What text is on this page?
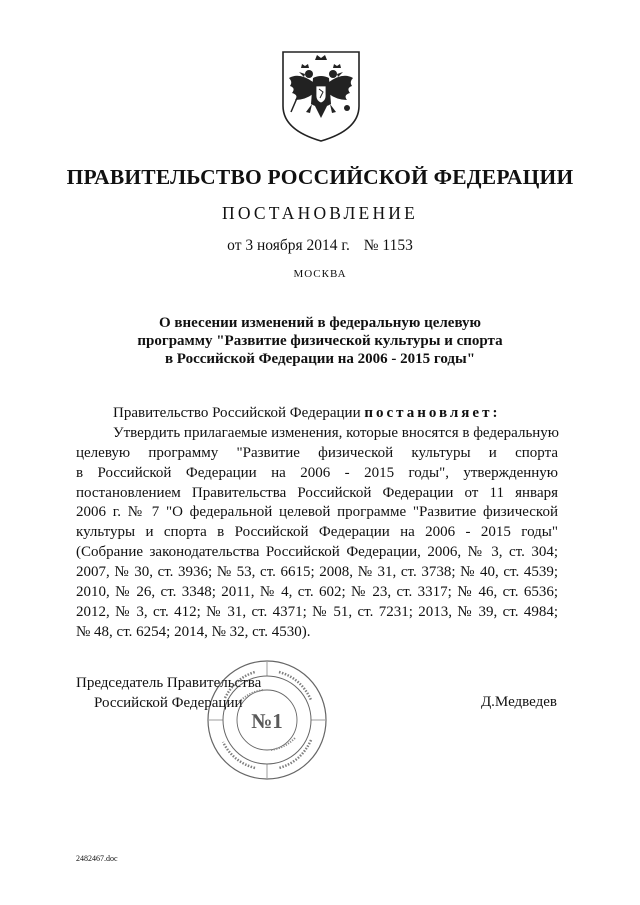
ПРАВИТЕЛЬСТВО РОССИЙСКОЙ ФЕДЕРАЦИИ
ПОСТАНОВЛЕНИЕ
от 3 ноября 2014 г. № 1153
МОСКВА
О внесении изменений в федеральную целевую
программу "Развитие физической культуры и спорта
в Российской Федерации на 2006 - 2015 годы"
Правительство Российской Федерации постановляет:
Утвердить прилагаемые изменения, которые вносятся в федеральную
целевую программу "Развитие физической культуры и спорта
в Российской Федерации на 2006 - 2015 годы", утвержденную
постановлением Правительства Российской Федерации от 11 января
2006 г. № 7 "О федеральной целевой программе "Развитие физической
культуры и спорта в Российской Федерации на 2006 - 2015 годы"
(Собрание законодательства Российской Федерации, 2006, № 3, ст. 304;
2007, № 30, ст. 3936; № 53, ст. 6615; 2008, № 31, ст. 3738; № 40, ст. 4539;
2010, № 26, ст. 3348; 2011, № 4, ст. 602; № 23, ст. 3317; № 46, ст. 6536;
2012, № 3, ст. 412; № 31, ст. 4371; № 51, ст. 7231; 2013, № 39, ст. 4984;
№ 48, ст. 6254; 2014, № 32, ст. 4530).
Председатель Правительства
Российской Федерации
№1
Д.Медведев
2482467.doc
